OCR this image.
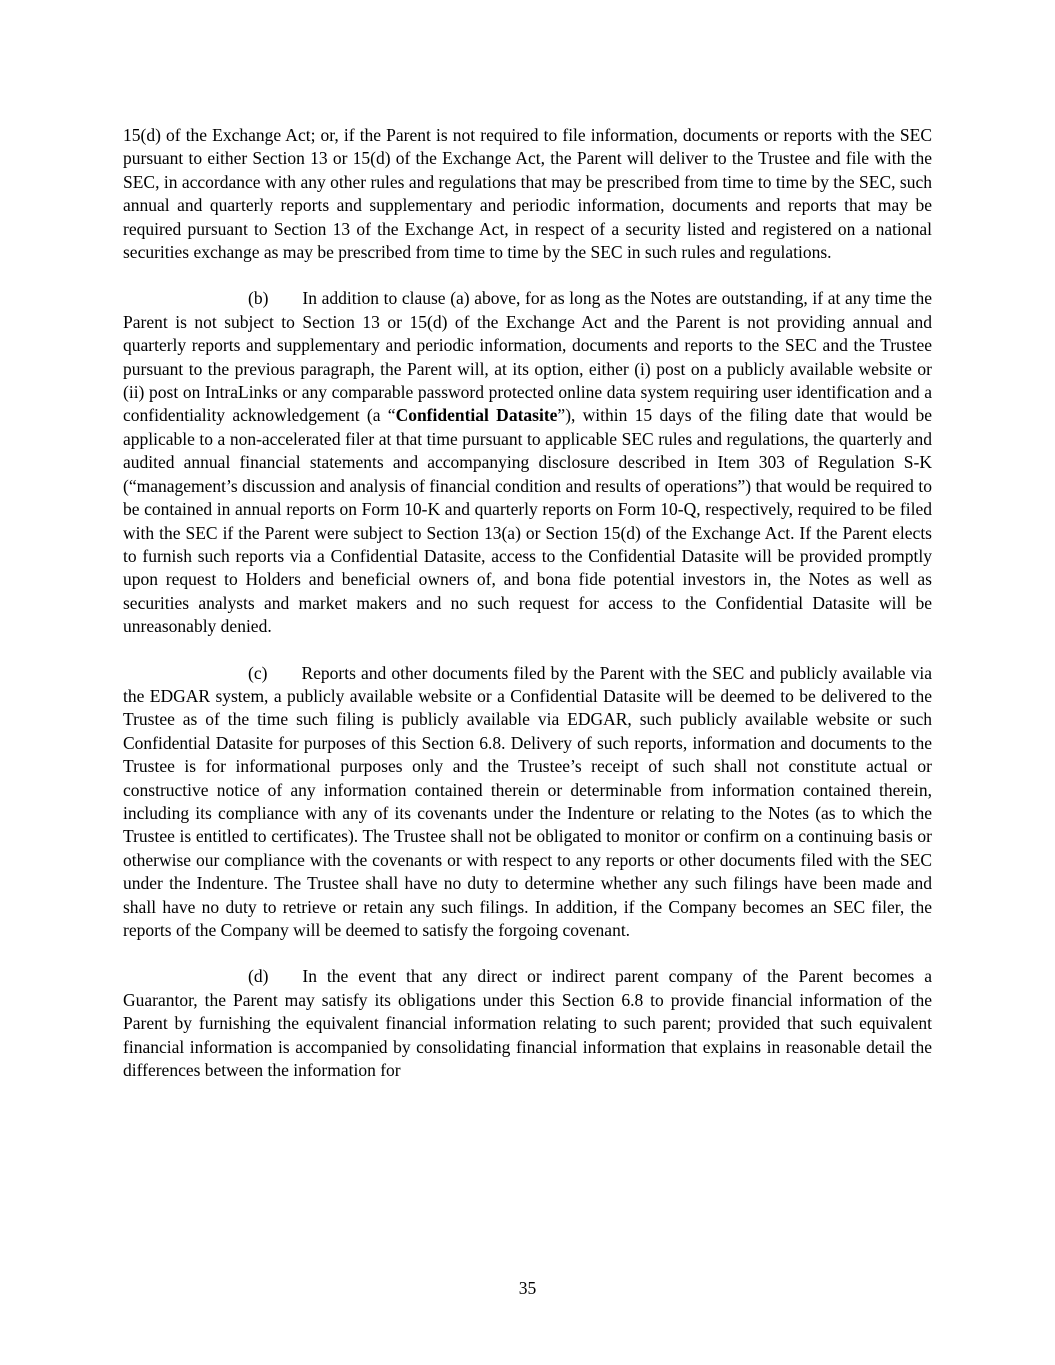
15(d) of the Exchange Act; or, if the Parent is not required to file information, documents or reports with the SEC pursuant to either Section 13 or 15(d) of the Exchange Act, the Parent will deliver to the Trustee and file with the SEC, in accordance with any other rules and regulations that may be prescribed from time to time by the SEC, such annual and quarterly reports and supplementary and periodic information, documents and reports that may be required pursuant to Section 13 of the Exchange Act, in respect of a security listed and registered on a national securities exchange as may be prescribed from time to time by the SEC in such rules and regulations.

(b) In addition to clause (a) above, for as long as the Notes are outstanding, if at any time the Parent is not subject to Section 13 or 15(d) of the Exchange Act and the Parent is not providing annual and quarterly reports and supplementary and periodic information, documents and reports to the SEC and the Trustee pursuant to the previous paragraph, the Parent will, at its option, either (i) post on a publicly available website or (ii) post on IntraLinks or any comparable password protected online data system requiring user identification and a confidentiality acknowledgement (a “Confidential Datasite”), within 15 days of the filing date that would be applicable to a non-accelerated filer at that time pursuant to applicable SEC rules and regulations, the quarterly and audited annual financial statements and accompanying disclosure described in Item 303 of Regulation S-K (“management’s discussion and analysis of financial condition and results of operations”) that would be required to be contained in annual reports on Form 10-K and quarterly reports on Form 10-Q, respectively, required to be filed with the SEC if the Parent were subject to Section 13(a) or Section 15(d) of the Exchange Act. If the Parent elects to furnish such reports via a Confidential Datasite, access to the Confidential Datasite will be provided promptly upon request to Holders and beneficial owners of, and bona fide potential investors in, the Notes as well as securities analysts and market makers and no such request for access to the Confidential Datasite will be unreasonably denied.

(c) Reports and other documents filed by the Parent with the SEC and publicly available via the EDGAR system, a publicly available website or a Confidential Datasite will be deemed to be delivered to the Trustee as of the time such filing is publicly available via EDGAR, such publicly available website or such Confidential Datasite for purposes of this Section 6.8. Delivery of such reports, information and documents to the Trustee is for informational purposes only and the Trustee’s receipt of such shall not constitute actual or constructive notice of any information contained therein or determinable from information contained therein, including its compliance with any of its covenants under the Indenture or relating to the Notes (as to which the Trustee is entitled to certificates). The Trustee shall not be obligated to monitor or confirm on a continuing basis or otherwise our compliance with the covenants or with respect to any reports or other documents filed with the SEC under the Indenture. The Trustee shall have no duty to determine whether any such filings have been made and shall have no duty to retrieve or retain any such filings. In addition, if the Company becomes an SEC filer, the reports of the Company will be deemed to satisfy the forgoing covenant.

(d) In the event that any direct or indirect parent company of the Parent becomes a Guarantor, the Parent may satisfy its obligations under this Section 6.8 to provide financial information of the Parent by furnishing the equivalent financial information relating to such parent; provided that such equivalent financial information is accompanied by consolidating financial information that explains in reasonable detail the differences between the information for

35
